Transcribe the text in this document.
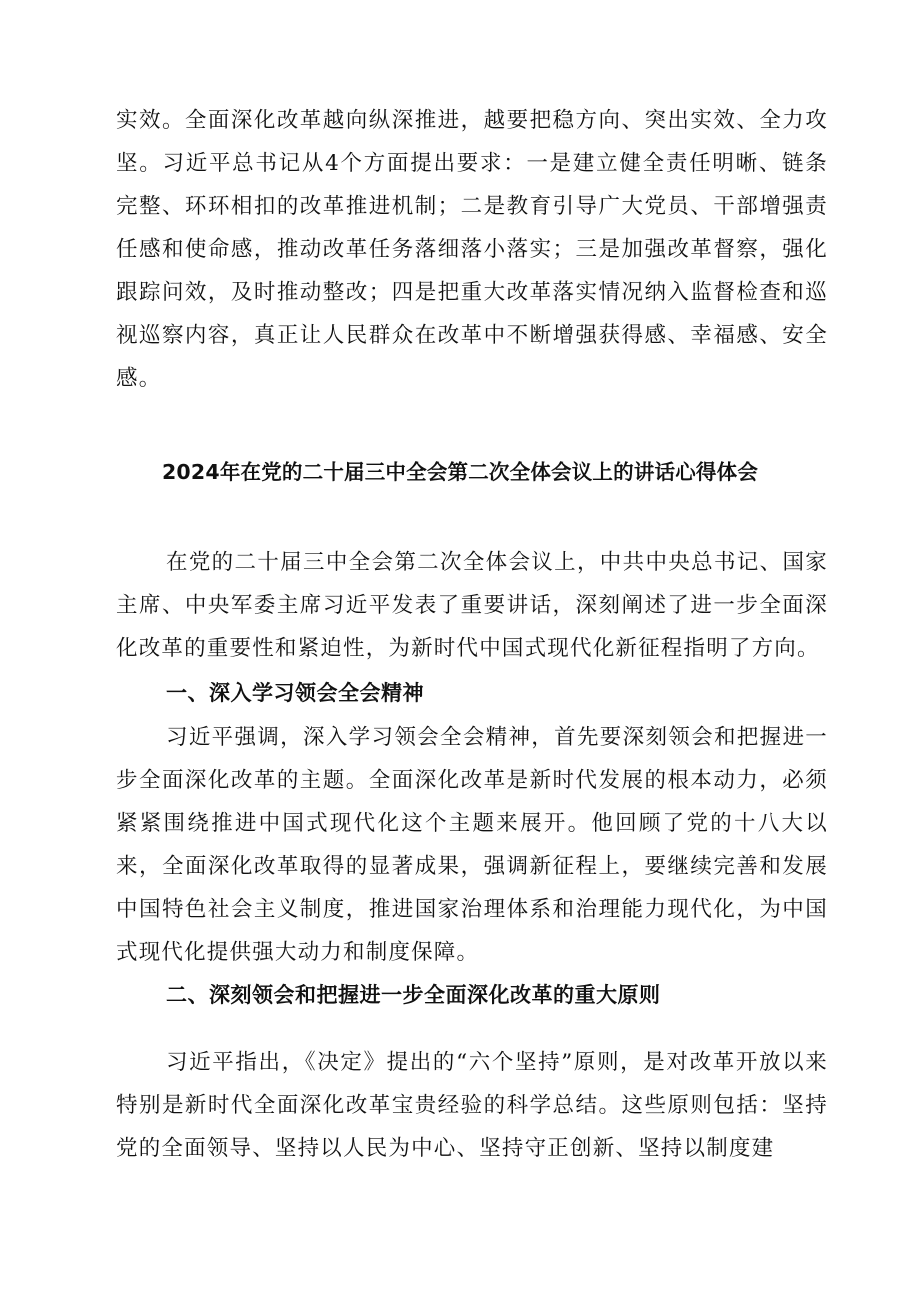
实效。全面深化改革越向纵深推进，越要把稳方向、突出实效、全力攻坚。习近平总书记从4个方面提出要求：一是建立健全责任明晰、链条完整、环环相扣的改革推进机制；二是教育引导广大党员、干部增强责任感和使命感，推动改革任务落细落小落实；三是加强改革督察，强化跟踪问效，及时推动整改；四是把重大改革落实情况纳入监督检查和巡视巡察内容，真正让人民群众在改革中不断增强获得感、幸福感、安全感。

2024年在党的二十届三中全会第二次全体会议上的讲话心得体会

在党的二十届三中全会第二次全体会议上，中共中央总书记、国家主席、中央军委主席习近平发表了重要讲话，深刻阐述了进一步全面深化改革的重要性和紧迫性，为新时代中国式现代化新征程指明了方向。

一、深入学习领会全会精神

习近平强调，深入学习领会全会精神，首先要深刻领会和把握进一步全面深化改革的主题。全面深化改革是新时代发展的根本动力，必须紧紧围绕推进中国式现代化这个主题来展开。他回顾了党的十八大以来，全面深化改革取得的显著成果，强调新征程上，要继续完善和发展中国特色社会主义制度，推进国家治理体系和治理能力现代化，为中国式现代化提供强大动力和制度保障。

二、深刻领会和把握进一步全面深化改革的重大原则

习近平指出，《决定》提出的“六个坚持”原则，是对改革开放以来特别是新时代全面深化改革宝贵经验的科学总结。这些原则包括：坚持党的全面领导、坚持以人民为中心、坚持守正创新、坚持以制度建
